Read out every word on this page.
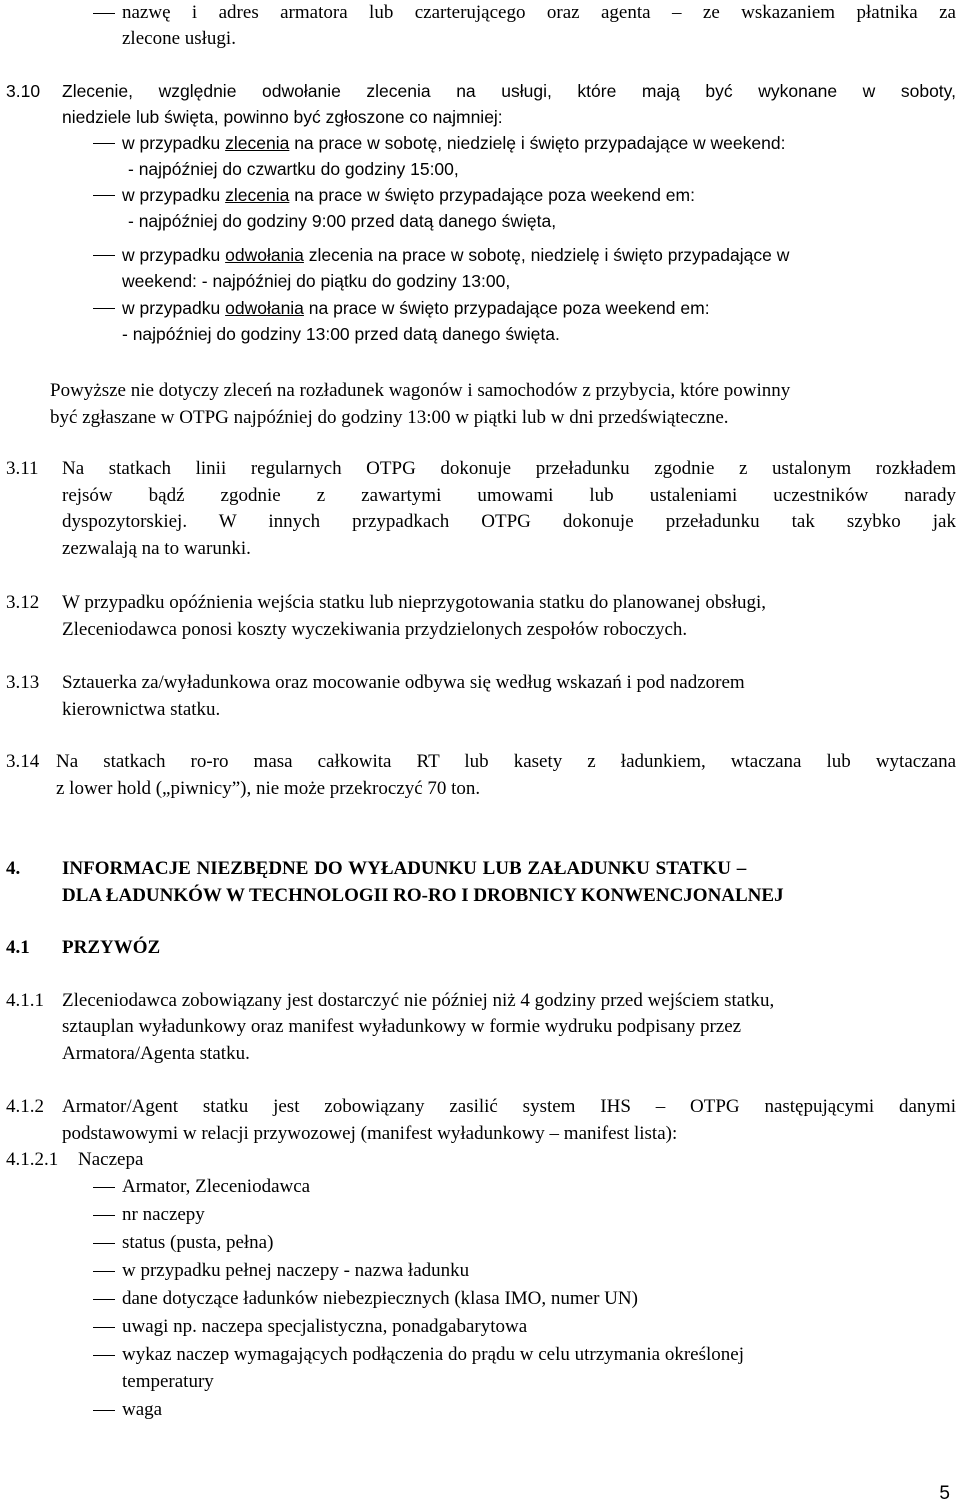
nazwę i adres armatora lub czarterującego oraz agenta – ze wskazaniem płatnika za
zlecone usługi.
3.10 Zlecenie, względnie odwołanie zlecenia na usługi, które mają być wykonane w soboty,
niedziele lub święta, powinno być zgłoszone co najmniej:
w przypadku zlecenia na prace w sobotę, niedzielę i święto przypadające w weekend:
- najpóźniej do czwartku do godziny 15:00,
w przypadku zlecenia na prace w święto przypadające poza weekend em:
- najpóźniej do godziny 9:00 przed datą danego święta,
w przypadku odwołania zlecenia na prace w sobotę, niedzielę i święto przypadające w
weekend: - najpóźniej do piątku do godziny 13:00,
w przypadku odwołania na prace w święto przypadające poza weekend em:
- najpóźniej do godziny 13:00 przed datą danego święta.
Powyższe nie dotyczy zleceń na rozładunek wagonów i samochodów z przybycia, które powinny
być zgłaszane w OTPG najpóźniej do godziny 13:00 w piątki lub w dni przedświąteczne.
3.11 Na statkach linii regularnych OTPG dokonuje przeładunku zgodnie z ustalonym rozkładem
rejsów bądź zgodnie z zawartymi umowami lub ustaleniami uczestników narady
dyspozytorskiej. W innych przypadkach OTPG dokonuje przeładunku tak szybko jak
zezwalają na to warunki.
3.12 W przypadku opóźnienia wejścia statku lub nieprzygotowania statku do planowanej obsługi,
Zleceniodawca ponosi koszty wyczekiwania przydzielonych zespołów roboczych.
3.13 Sztauerka za/wyładunkowa oraz mocowanie odbywa się według wskazań i pod nadzorem
kierownictwa statku.
3.14 Na statkach ro-ro masa całkowita RT lub kasety z ładunkiem, wtaczana lub wytaczana
z lower hold („piwnicy”), nie może przekroczyć 70 ton.
4. INFORMACJE NIEZBĘDNE DO WYŁADUNKU LUB ZAŁADUNKU STATKU –
DLA ŁADUNKÓW W TECHNOLOGII RO-RO I DROBNICY KONWENCJONALNEJ
4.1 PRZYWÓZ
4.1.1 Zleceniodawca zobowiązany jest dostarczyć nie później niż 4 godziny przed wejściem statku,
sztauplan wyładunkowy oraz manifest wyładunkowy w formie wydruku podpisany przez
Armatora/Agenta statku.
4.1.2 Armator/Agent statku jest zobowiązany zasilić system IHS – OTPG następującymi danymi
podstawowymi w relacji przywozowej (manifest wyładunkowy – manifest lista):
4.1.2.1 Naczepa
Armator, Zleceniodawca
nr naczepy
status (pusta, pełna)
w przypadku pełnej naczepy - nazwa ładunku
dane dotyczące ładunków niebezpiecznych (klasa IMO, numer UN)
uwagi np. naczepa specjalistyczna, ponadgabarytowa
wykaz naczep wymagających podłączenia do prądu w celu utrzymania określonej
temperatury
waga
5
